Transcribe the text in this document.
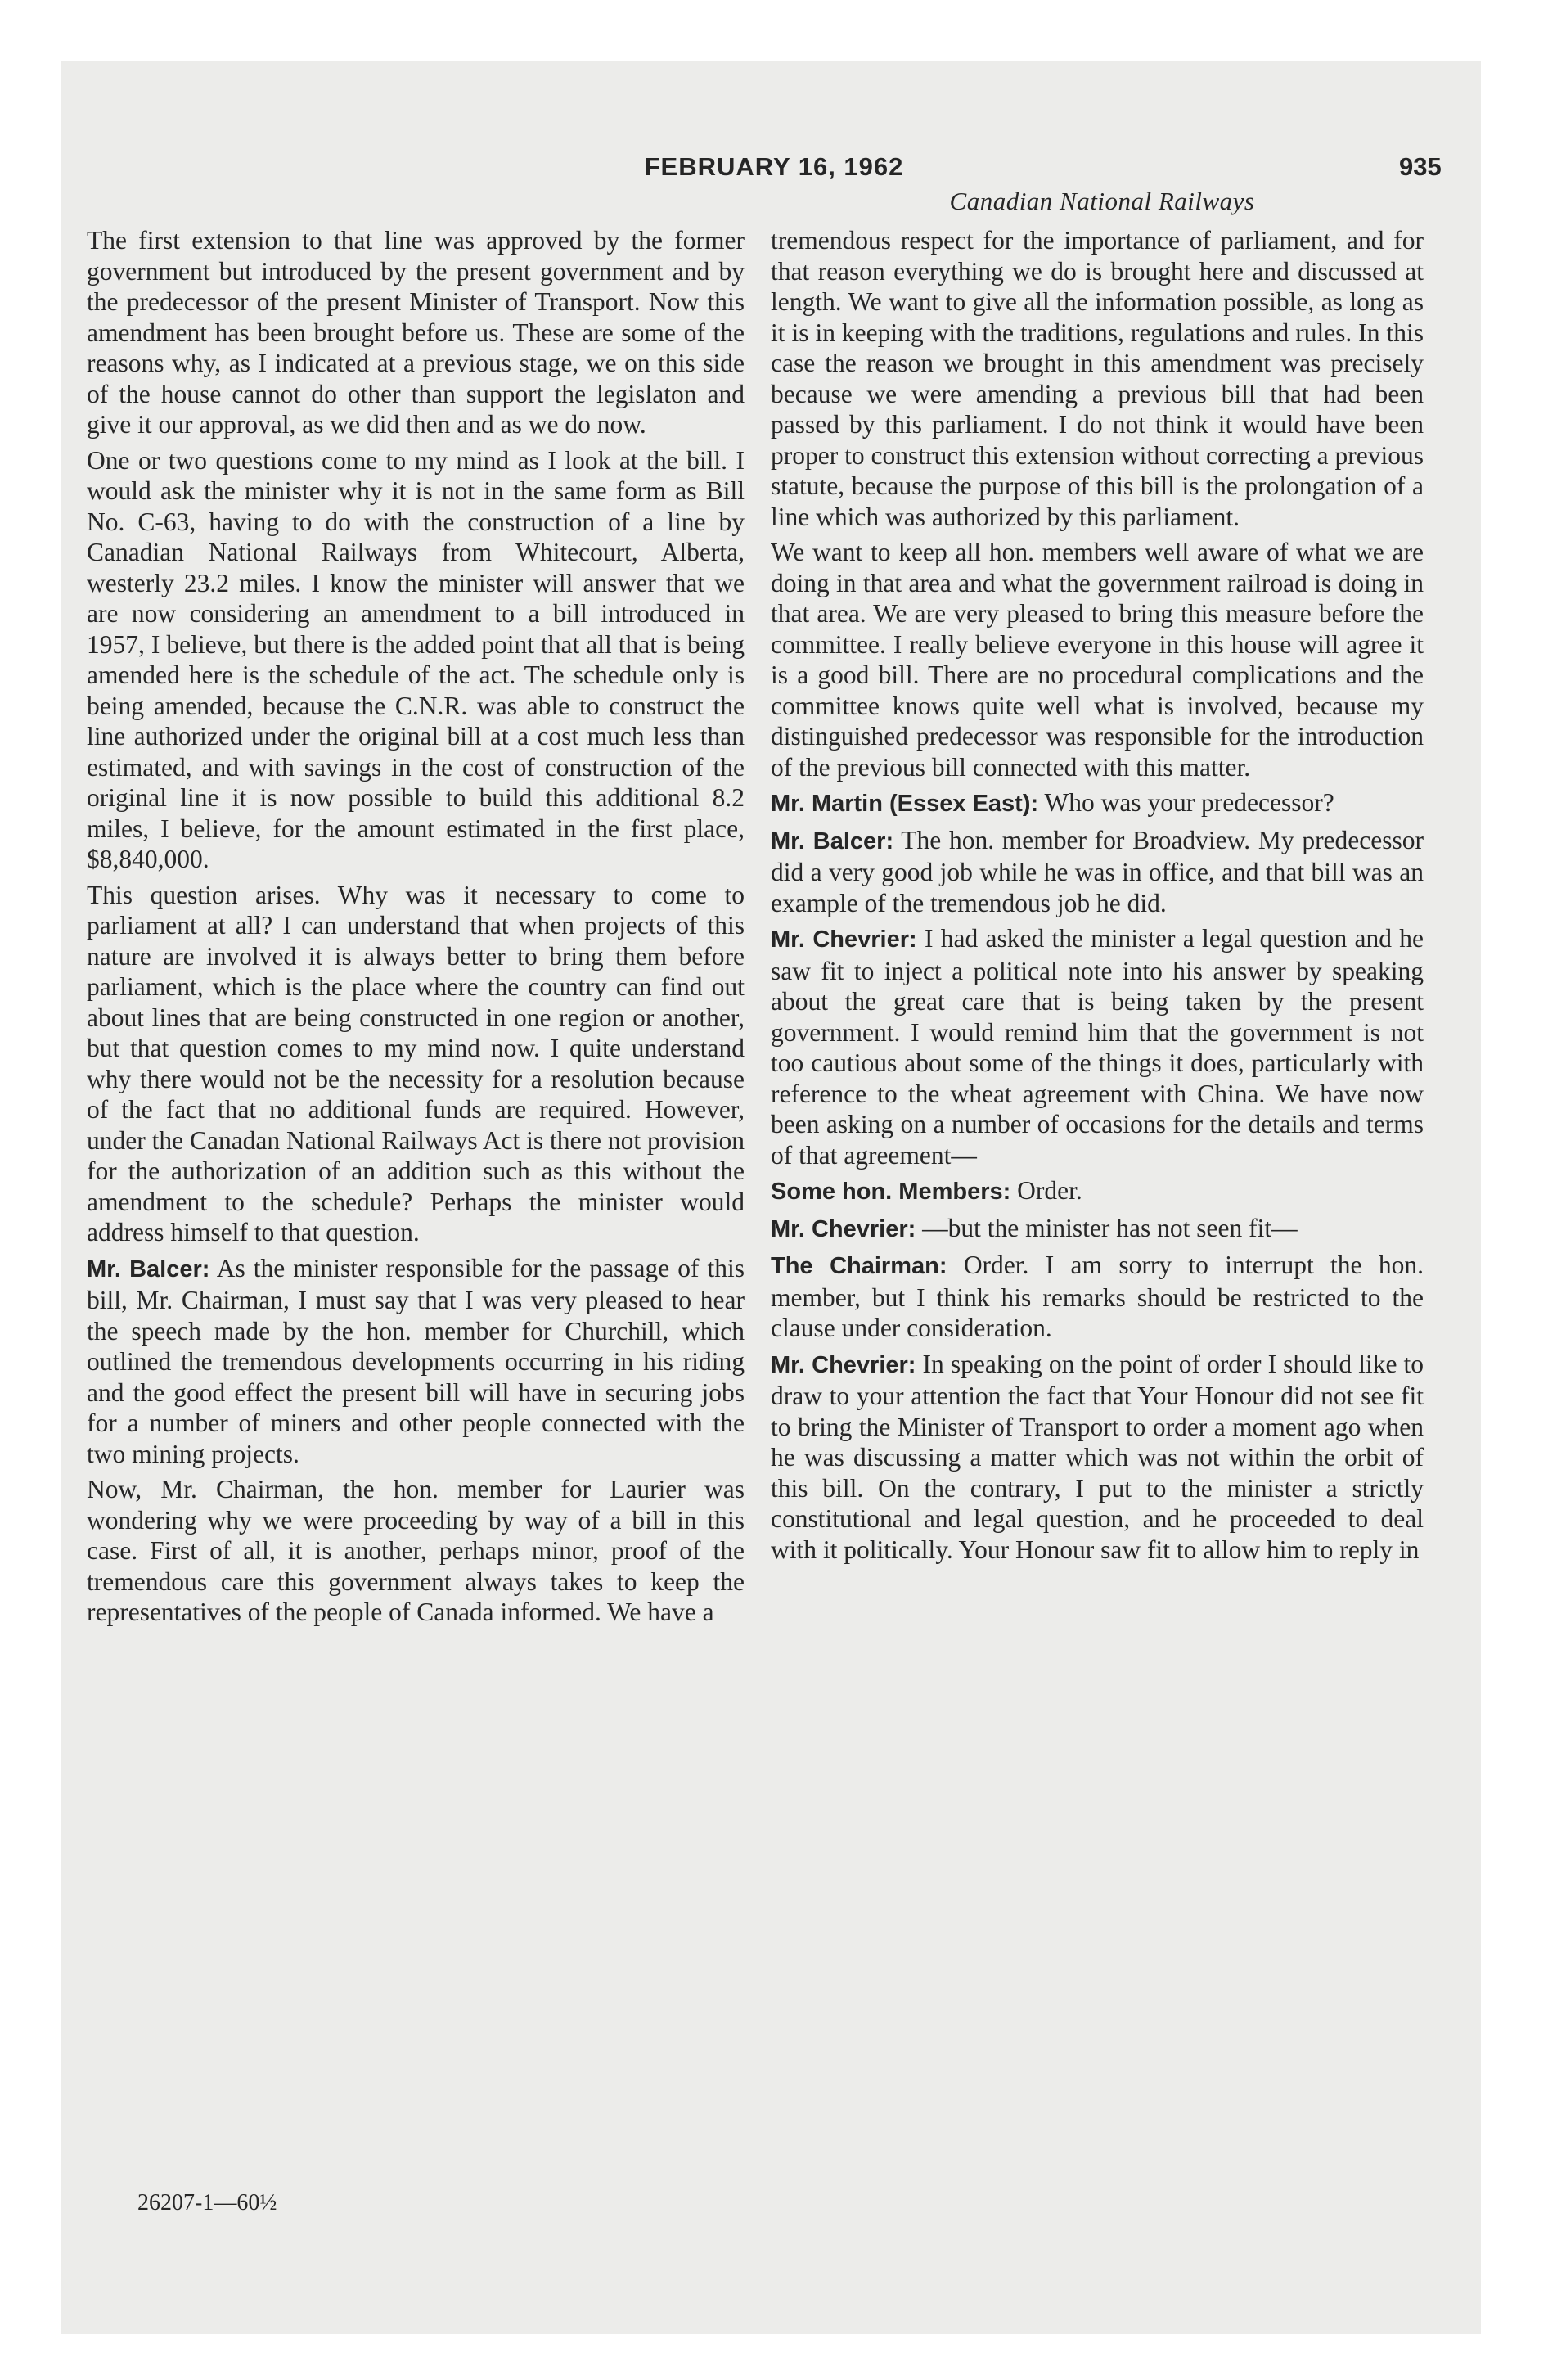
FEBRUARY 16, 1962	935
Canadian National Railways

The first extension to that line was approved by the former government but introduced by the present government and by the predecessor of the present Minister of Transport. Now this amendment has been brought before us. These are some of the reasons why, as I indicated at a previous stage, we on this side of the house cannot do other than support the legislaton and give it our approval, as we did then and as we do now.

One or two questions come to my mind as I look at the bill. I would ask the minister why it is not in the same form as Bill No. C-63, having to do with the construction of a line by Canadian National Railways from Whitecourt, Alberta, westerly 23.2 miles. I know the minister will answer that we are now considering an amendment to a bill introduced in 1957, I believe, but there is the added point that all that is being amended here is the schedule of the act. The schedule only is being amended, because the C.N.R. was able to construct the line authorized under the original bill at a cost much less than estimated, and with savings in the cost of construction of the original line it is now possible to build this additional 8.2 miles, I believe, for the amount estimated in the first place, $8,840,000.

This question arises. Why was it necessary to come to parliament at all? I can understand that when projects of this nature are involved it is always better to bring them before parliament, which is the place where the country can find out about lines that are being constructed in one region or another, but that question comes to my mind now. I quite understand why there would not be the necessity for a resolution because of the fact that no additional funds are required. However, under the Canadan National Railways Act is there not provision for the authorization of an addition such as this without the amendment to the schedule? Perhaps the minister would address himself to that question.

Mr. Balcer: As the minister responsible for the passage of this bill, Mr. Chairman, I must say that I was very pleased to hear the speech made by the hon. member for Churchill, which outlined the tremendous developments occurring in his riding and the good effect the present bill will have in securing jobs for a number of miners and other people connected with the two mining projects.

Now, Mr. Chairman, the hon. member for Laurier was wondering why we were proceeding by way of a bill in this case. First of all, it is another, perhaps minor, proof of the tremendous care this government always takes to keep the representatives of the people of Canada informed. We have a

tremendous respect for the importance of parliament, and for that reason everything we do is brought here and discussed at length. We want to give all the information possible, as long as it is in keeping with the traditions, regulations and rules. In this case the reason we brought in this amendment was precisely because we were amending a previous bill that had been passed by this parliament. I do not think it would have been proper to construct this extension without correcting a previous statute, because the purpose of this bill is the prolongation of a line which was authorized by this parliament.

We want to keep all hon. members well aware of what we are doing in that area and what the government railroad is doing in that area. We are very pleased to bring this measure before the committee. I really believe everyone in this house will agree it is a good bill. There are no procedural complications and the committee knows quite well what is involved, because my distinguished predecessor was responsible for the introduction of the previous bill connected with this matter.

Mr. Martin (Essex East): Who was your predecessor?

Mr. Balcer: The hon. member for Broadview. My predecessor did a very good job while he was in office, and that bill was an example of the tremendous job he did.

Mr. Chevrier: I had asked the minister a legal question and he saw fit to inject a political note into his answer by speaking about the great care that is being taken by the present government. I would remind him that the government is not too cautious about some of the things it does, particularly with reference to the wheat agreement with China. We have now been asking on a number of occasions for the details and terms of that agreement—

Some hon. Members: Order.

Mr. Chevrier: —but the minister has not seen fit—

The Chairman: Order. I am sorry to interrupt the hon. member, but I think his remarks should be restricted to the clause under consideration.

Mr. Chevrier: In speaking on the point of order I should like to draw to your attention the fact that Your Honour did not see fit to bring the Minister of Transport to order a moment ago when he was discussing a matter which was not within the orbit of this bill. On the contrary, I put to the minister a strictly constitutional and legal question, and he proceeded to deal with it politically. Your Honour saw fit to allow him to reply in

26207-1—60½
